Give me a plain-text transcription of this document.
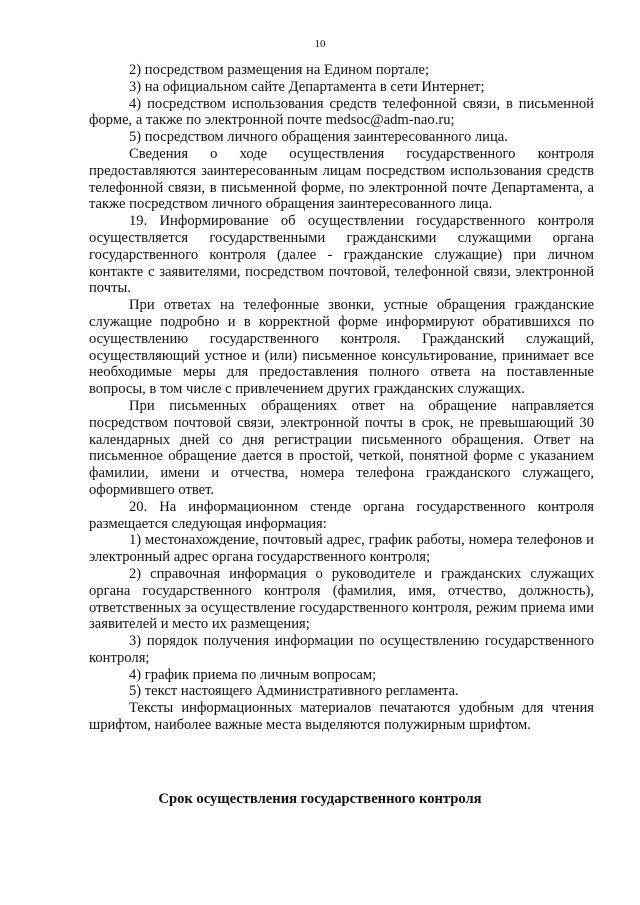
10

2) посредством размещения на Едином портале;

3) на официальном сайте Департамента в сети Интернет;

4) посредством использования средств телефонной связи, в письменной форме, а также по электронной почте medsoc@adm-nao.ru;

5) посредством личного обращения заинтересованного лица.

Сведения о ходе осуществления государственного контроля предоставляются заинтересованным лицам посредством использования средств телефонной связи, в письменной форме, по электронной почте Департамента, а также посредством личного обращения заинтересованного лица.

19. Информирование об осуществлении государственного контроля осуществляется государственными гражданскими служащими органа государственного контроля (далее - гражданские служащие) при личном контакте с заявителями, посредством почтовой, телефонной связи, электронной почты.

При ответах на телефонные звонки, устные обращения гражданские служащие подробно и в корректной форме информируют обратившихся по осуществлению государственного контроля. Гражданский служащий, осуществляющий устное и (или) письменное консультирование, принимает все необходимые меры для предоставления полного ответа на поставленные вопросы, в том числе с привлечением других гражданских служащих.

При письменных обращениях ответ на обращение направляется посредством почтовой связи, электронной почты в срок, не превышающий 30 календарных дней со дня регистрации письменного обращения. Ответ на письменное обращение дается в простой, четкой, понятной форме с указанием фамилии, имени и отчества, номера телефона гражданского служащего, оформившего ответ.

20. На информационном стенде органа государственного контроля размещается следующая информация:

1) местонахождение, почтовый адрес, график работы, номера телефонов и электронный адрес органа государственного контроля;

2) справочная информация о руководителе и гражданских служащих органа государственного контроля (фамилия, имя, отчество, должность), ответственных за осуществление государственного контроля, режим приема ими заявителей и место их размещения;

3) порядок получения информации по осуществлению государственного контроля;

4) график приема по личным вопросам;

5) текст настоящего Административного регламента.

Тексты информационных материалов печатаются удобным для чтения шрифтом, наиболее важные места выделяются полужирным шрифтом.

Срок осуществления государственного контроля
